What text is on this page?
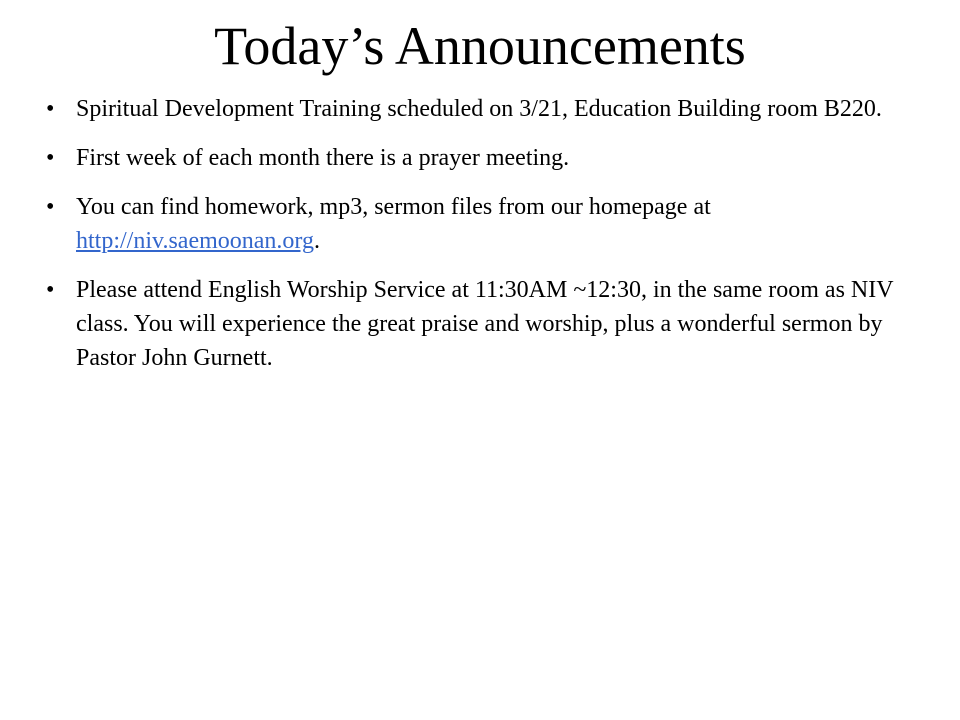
Today’s Announcements
• Spiritual Development Training scheduled on 3/21, Education Building room B220.
• First week of each month there is a prayer meeting.
• You can find homework, mp3, sermon files from our homepage at http://niv.saemoonan.org.
• Please attend English Worship Service at 11:30AM ~12:30, in the same room as NIV class. You will experience the great praise and worship, plus a wonderful sermon by Pastor John Gurnett.
